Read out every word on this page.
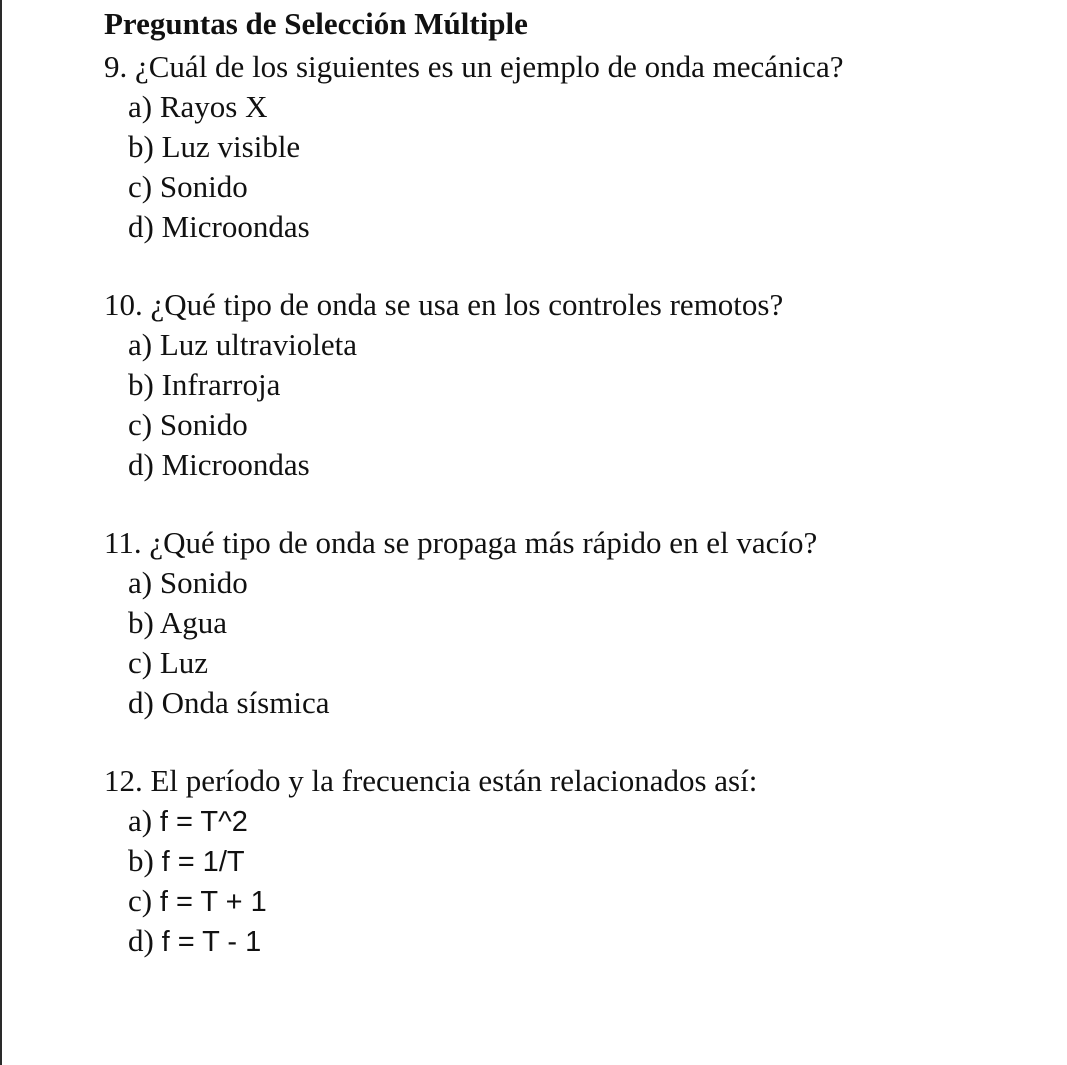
Preguntas de Selección Múltiple
9. ¿Cuál de los siguientes es un ejemplo de onda mecánica?
a) Rayos X
b) Luz visible
c) Sonido
d) Microondas
10. ¿Qué tipo de onda se usa en los controles remotos?
a) Luz ultravioleta
b) Infrarroja
c) Sonido
d) Microondas
11. ¿Qué tipo de onda se propaga más rápido en el vacío?
a) Sonido
b) Agua
c) Luz
d) Onda sísmica
12. El período y la frecuencia están relacionados así:
a) f = T^2
b) f = 1/T
c) f = T + 1
d) f = T - 1
